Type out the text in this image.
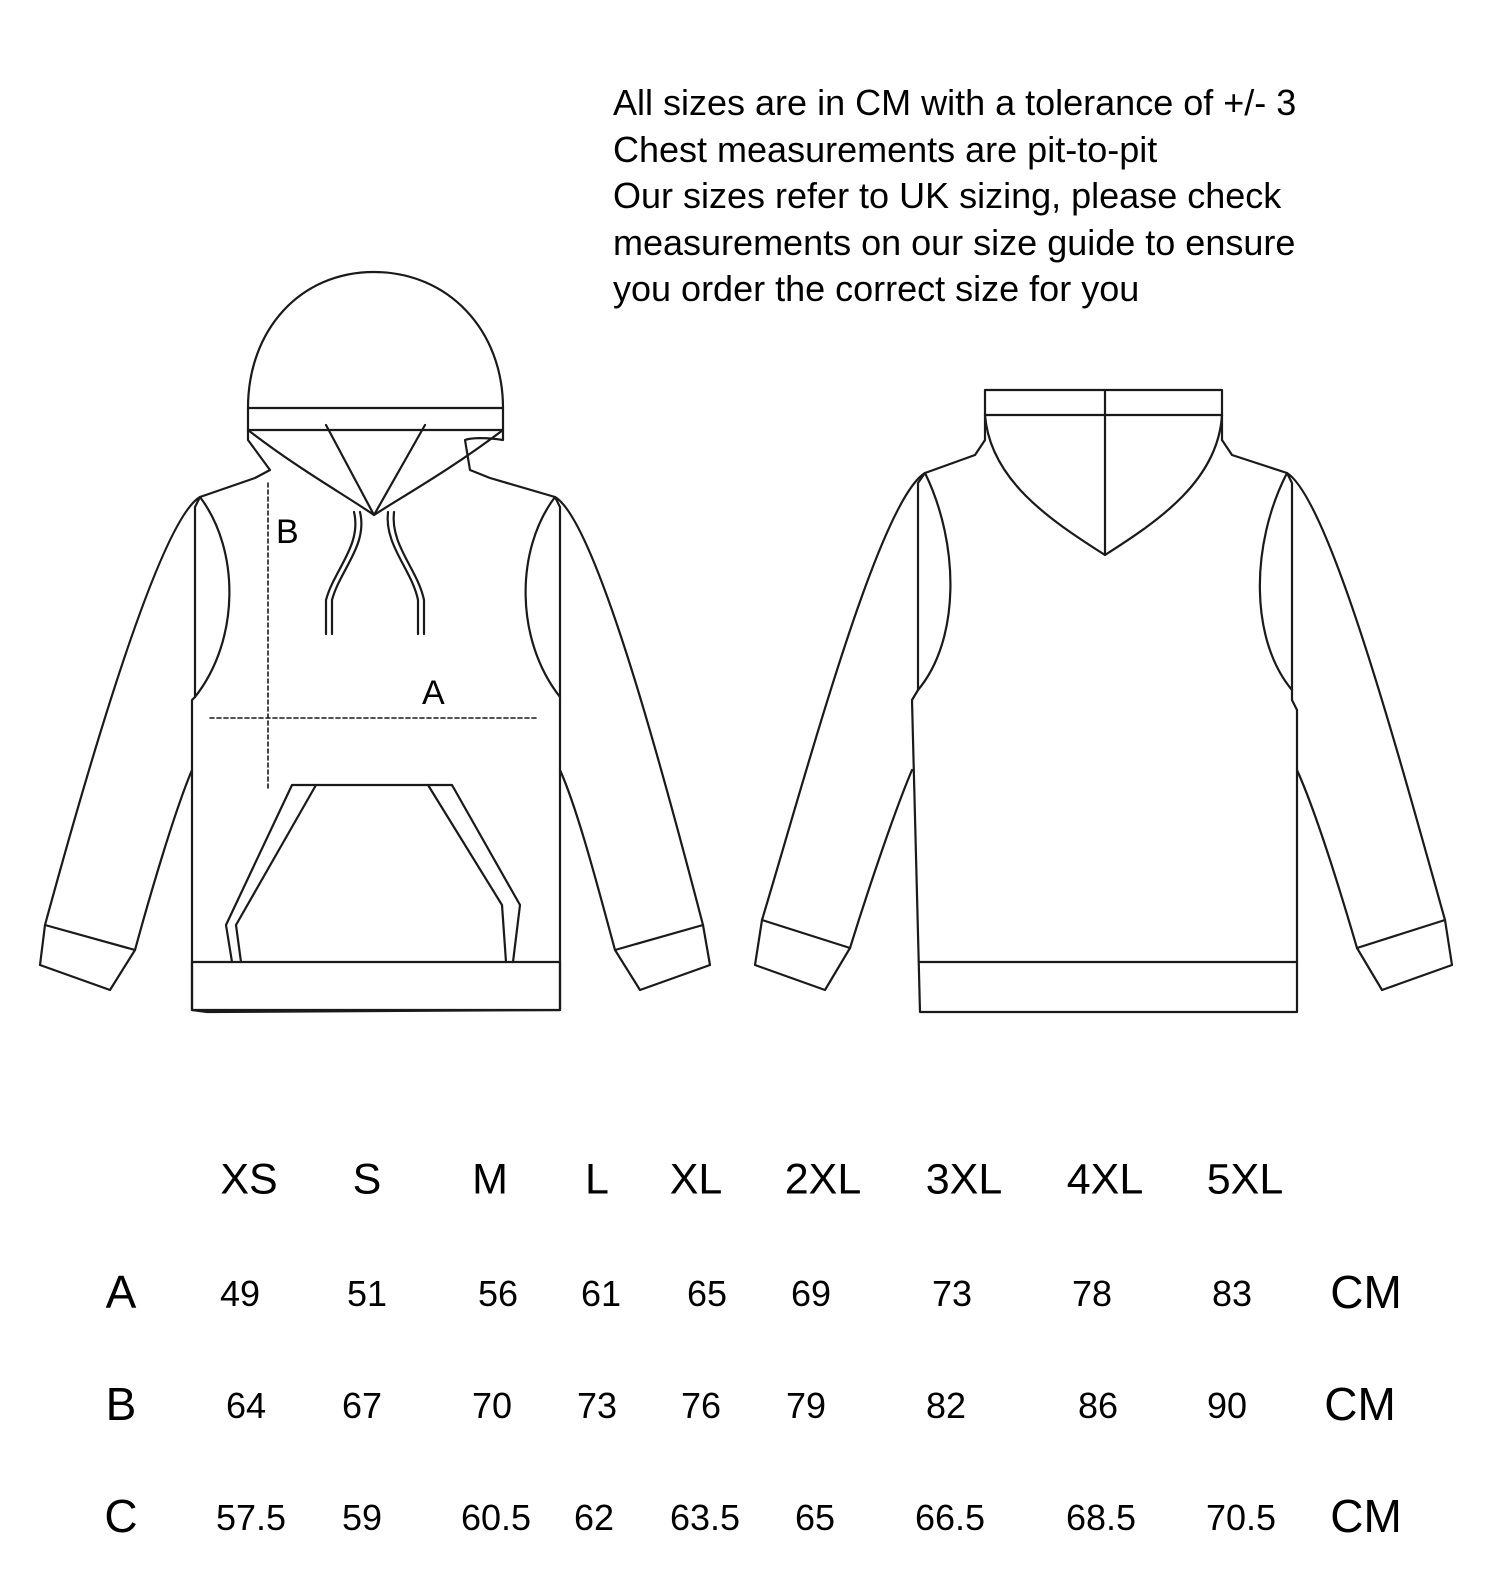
All sizes are in CM with a tolerance of +/- 3
Chest measurements are pit-to-pit
Our sizes refer to UK sizing, please check
measurements on our size guide to ensure
you order the correct size for you
B
A
XS S M L XL 2XL 3XL 4XL 5XL
A 49 51	56 61 65 69	73	78	83 CM
B 64 67 70 73 76 79	82	86 90 CM
C 57.5 59 60.5 62 63.5 65 66.5 68.5 70.5 CM
